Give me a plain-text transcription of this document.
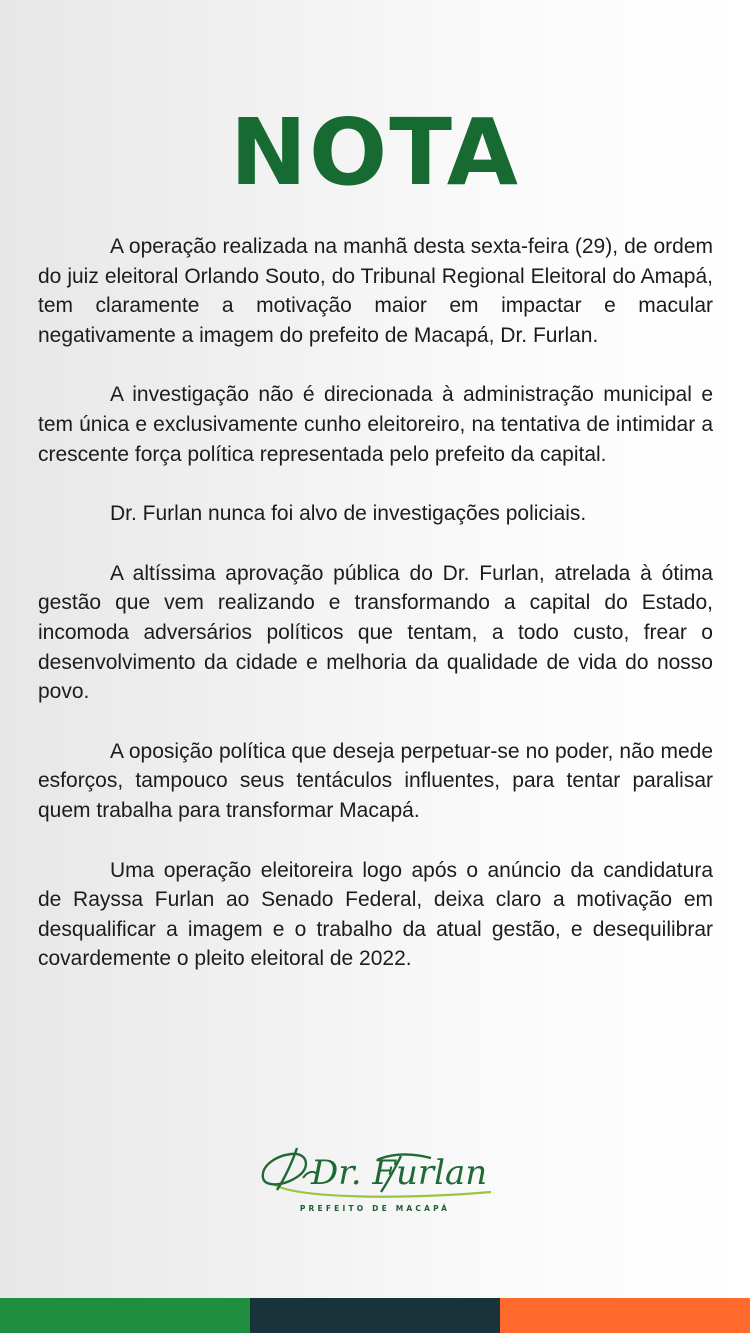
NOTA

A operação realizada na manhã desta sexta-feira (29), de ordem do juiz eleitoral Orlando Souto, do Tribunal Regional Eleitoral do Amapá, tem claramente a motivação maior em impactar e macular negativamente a imagem do prefeito de Macapá, Dr. Furlan.

A investigação não é direcionada à administração municipal e tem única e exclusivamente cunho eleitoreiro, na tentativa de intimidar a crescente força política representada pelo prefeito da capital.

Dr. Furlan nunca foi alvo de investigações policiais.

A altíssima aprovação pública do Dr. Furlan, atrelada à ótima gestão que vem realizando e transformando a capital do Estado, incomoda adversários políticos que tentam, a todo custo, frear o desenvolvimento da cidade e melhoria da qualidade de vida do nosso povo.

A oposição política que deseja perpetuar-se no poder, não mede esforços, tampouco seus tentáculos influentes, para tentar paralisar quem trabalha para transformar Macapá.

Uma operação eleitoreira logo após o anúncio da candidatura de Rayssa Furlan ao Senado Federal, deixa claro a motivação em desqualificar a imagem e o trabalho da atual gestão, e desequilibrar covardemente o pleito eleitoral de 2022.

Dr. Furlan
PREFEITO DE MACAPÁ
